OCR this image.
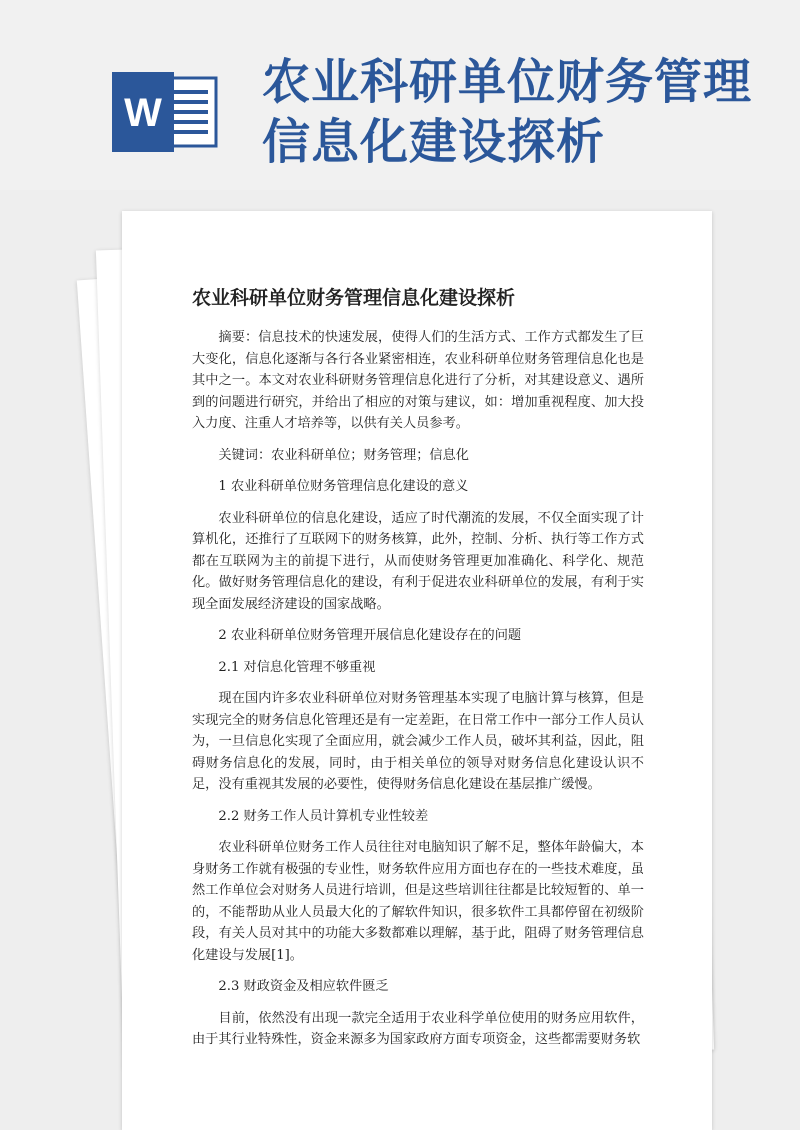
W
农业科研单位财务管理
信息化建设探析
农业科研单位财务管理信息化建设探析

摘要：信息技术的快速发展，使得人们的生活方式、工作方式都发生了巨大变化，信息化逐渐与各行各业紧密相连，农业科研单位财务管理信息化也是其中之一。本文对农业科研财务管理信息化进行了分析，对其建设意义、遇所到的问题进行研究，并给出了相应的对策与建议，如：增加重视程度、加大投入力度、注重人才培养等，以供有关人员参考。

关键词：农业科研单位；财务管理；信息化

1 农业科研单位财务管理信息化建设的意义

农业科研单位的信息化建设，适应了时代潮流的发展，不仅全面实现了计算机化，还推行了互联网下的财务核算，此外，控制、分析、执行等工作方式都在互联网为主的前提下进行，从而使财务管理更加准确化、科学化、规范化。做好财务管理信息化的建设，有利于促进农业科研单位的发展，有利于实现全面发展经济建设的国家战略。

2 农业科研单位财务管理开展信息化建设存在的问题

2.1 对信息化管理不够重视

现在国内许多农业科研单位对财务管理基本实现了电脑计算与核算，但是实现完全的财务信息化管理还是有一定差距，在日常工作中一部分工作人员认为，一旦信息化实现了全面应用，就会减少工作人员，破坏其利益，因此，阻碍财务信息化的发展，同时，由于相关单位的领导对财务信息化建设认识不足，没有重视其发展的必要性，使得财务信息化建设在基层推广缓慢。

2.2 财务工作人员计算机专业性较差

农业科研单位财务工作人员往往对电脑知识了解不足，整体年龄偏大，本身财务工作就有极强的专业性，财务软件应用方面也存在的一些技术难度，虽然工作单位会对财务人员进行培训，但是这些培训往往都是比较短暂的、单一的，不能帮助从业人员最大化的了解软件知识，很多软件工具都停留在初级阶段，有关人员对其中的功能大多数都难以理解，基于此，阻碍了财务管理信息化建设与发展[1]。

2.3 财政资金及相应软件匮乏

目前，依然没有出现一款完全适用于农业科学单位使用的财务应用软件，由于其行业特殊性，资金来源多为国家政府方面专项资金，这些都需要财务软
